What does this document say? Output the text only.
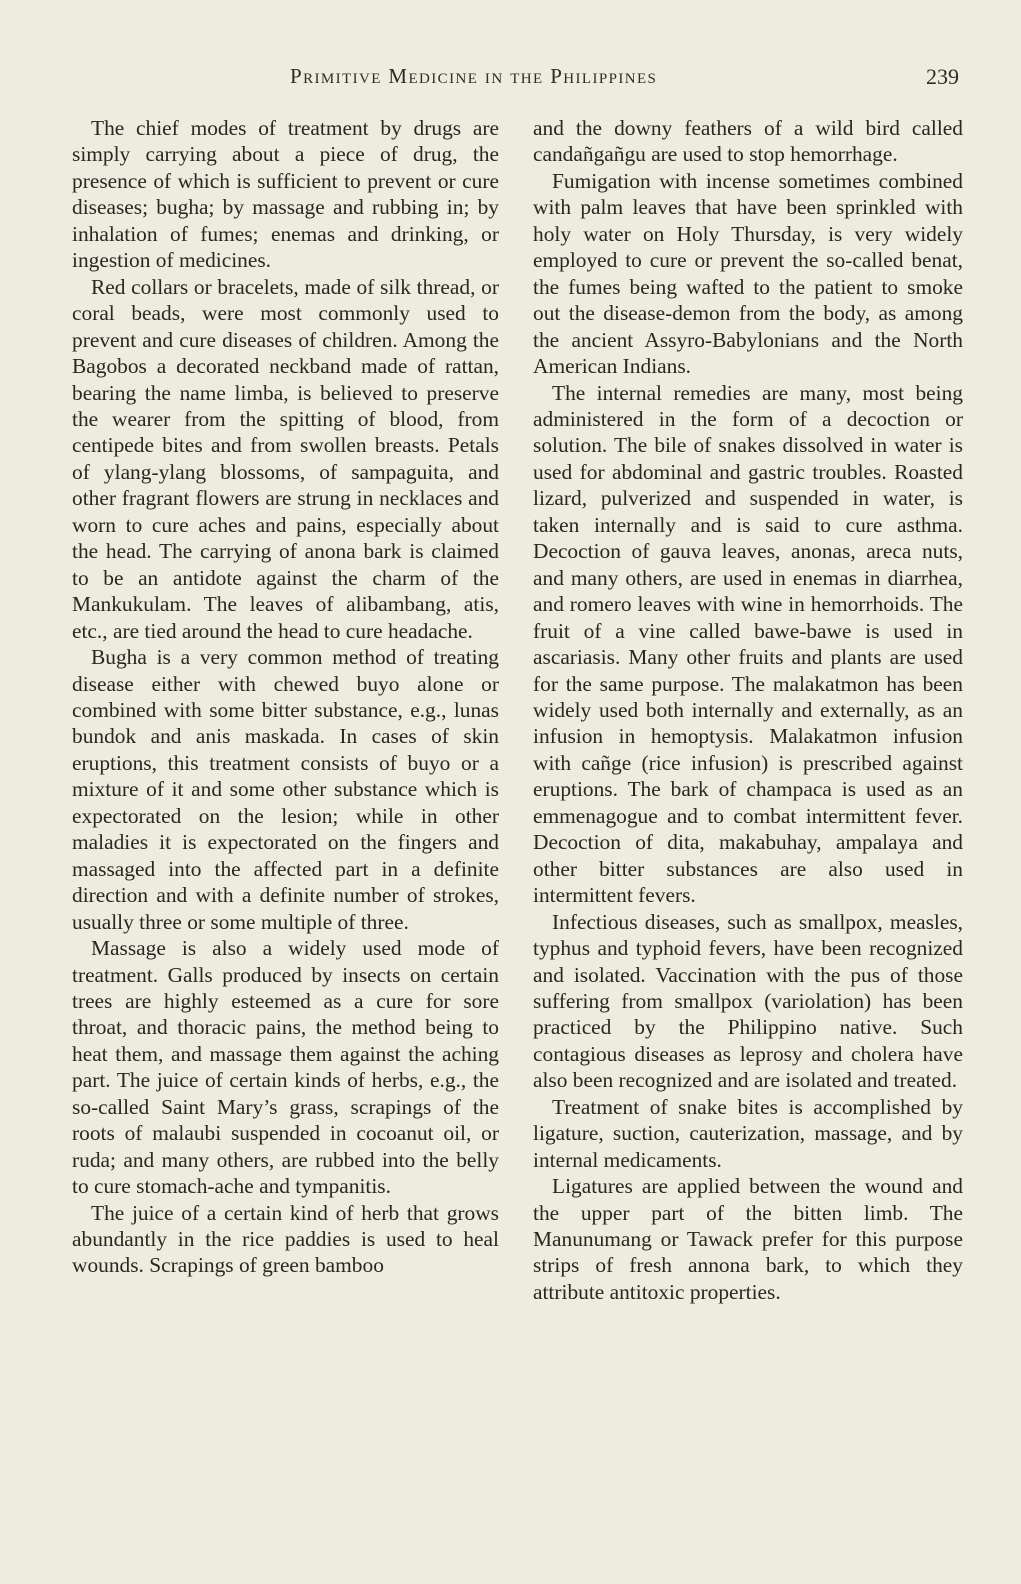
Primitive Medicine in the Philippines	239

The chief modes of treatment by drugs are simply carrying about a piece of drug, the presence of which is sufficient to prevent or cure diseases; bugha; by massage and rubbing in; by inhalation of fumes; enemas and drinking, or ingestion of medicines.

Red collars or bracelets, made of silk thread, or coral beads, were most commonly used to prevent and cure diseases of children. Among the Bagobos a decorated neckband made of rattan, bearing the name limba, is believed to preserve the wearer from the spitting of blood, from centipede bites and from swollen breasts. Petals of ylang-ylang blossoms, of sampaguita, and other fragrant flowers are strung in necklaces and worn to cure aches and pains, especially about the head. The carrying of anona bark is claimed to be an antidote against the charm of the Mankukulam. The leaves of alibambang, atis, etc., are tied around the head to cure headache.

Bugha is a very common method of treating disease either with chewed buyo alone or combined with some bitter substance, e.g., lunas bundok and anis maskada. In cases of skin eruptions, this treatment consists of buyo or a mixture of it and some other substance which is expectorated on the lesion; while in other maladies it is expectorated on the fingers and massaged into the affected part in a definite direction and with a definite number of strokes, usually three or some multiple of three.

Massage is also a widely used mode of treatment. Galls produced by insects on certain trees are highly esteemed as a cure for sore throat, and thoracic pains, the method being to heat them, and massage them against the aching part. The juice of certain kinds of herbs, e.g., the so-called Saint Mary’s grass, scrapings of the roots of malaubi suspended in cocoanut oil, or ruda; and many others, are rubbed into the belly to cure stomach-ache and tympanitis.

The juice of a certain kind of herb that grows abundantly in the rice paddies is used to heal wounds. Scrapings of green bamboo

and the downy feathers of a wild bird called candañgañgu are used to stop hemorrhage.

Fumigation with incense sometimes combined with palm leaves that have been sprinkled with holy water on Holy Thursday, is very widely employed to cure or prevent the so-called benat, the fumes being wafted to the patient to smoke out the disease-demon from the body, as among the ancient Assyro-Babylonians and the North American Indians.

The internal remedies are many, most being administered in the form of a decoction or solution. The bile of snakes dissolved in water is used for abdominal and gastric troubles. Roasted lizard, pulverized and suspended in water, is taken internally and is said to cure asthma. Decoction of gauva leaves, anonas, areca nuts, and many others, are used in enemas in diarrhea, and romero leaves with wine in hemorrhoids. The fruit of a vine called bawe-bawe is used in ascariasis. Many other fruits and plants are used for the same purpose. The malakatmon has been widely used both internally and externally, as an infusion in hemoptysis. Malakatmon infusion with cañge (rice infusion) is prescribed against eruptions. The bark of champaca is used as an emmenagogue and to combat intermittent fever. Decoction of dita, makabuhay, ampalaya and other bitter substances are also used in intermittent fevers.

Infectious diseases, such as smallpox, measles, typhus and typhoid fevers, have been recognized and isolated. Vaccination with the pus of those suffering from smallpox (variolation) has been practiced by the Philippino native. Such contagious diseases as leprosy and cholera have also been recognized and are isolated and treated.

Treatment of snake bites is accomplished by ligature, suction, cauterization, massage, and by internal medicaments.

Ligatures are applied between the wound and the upper part of the bitten limb. The Manunumang or Tawack prefer for this purpose strips of fresh annona bark, to which they attribute antitoxic properties.
